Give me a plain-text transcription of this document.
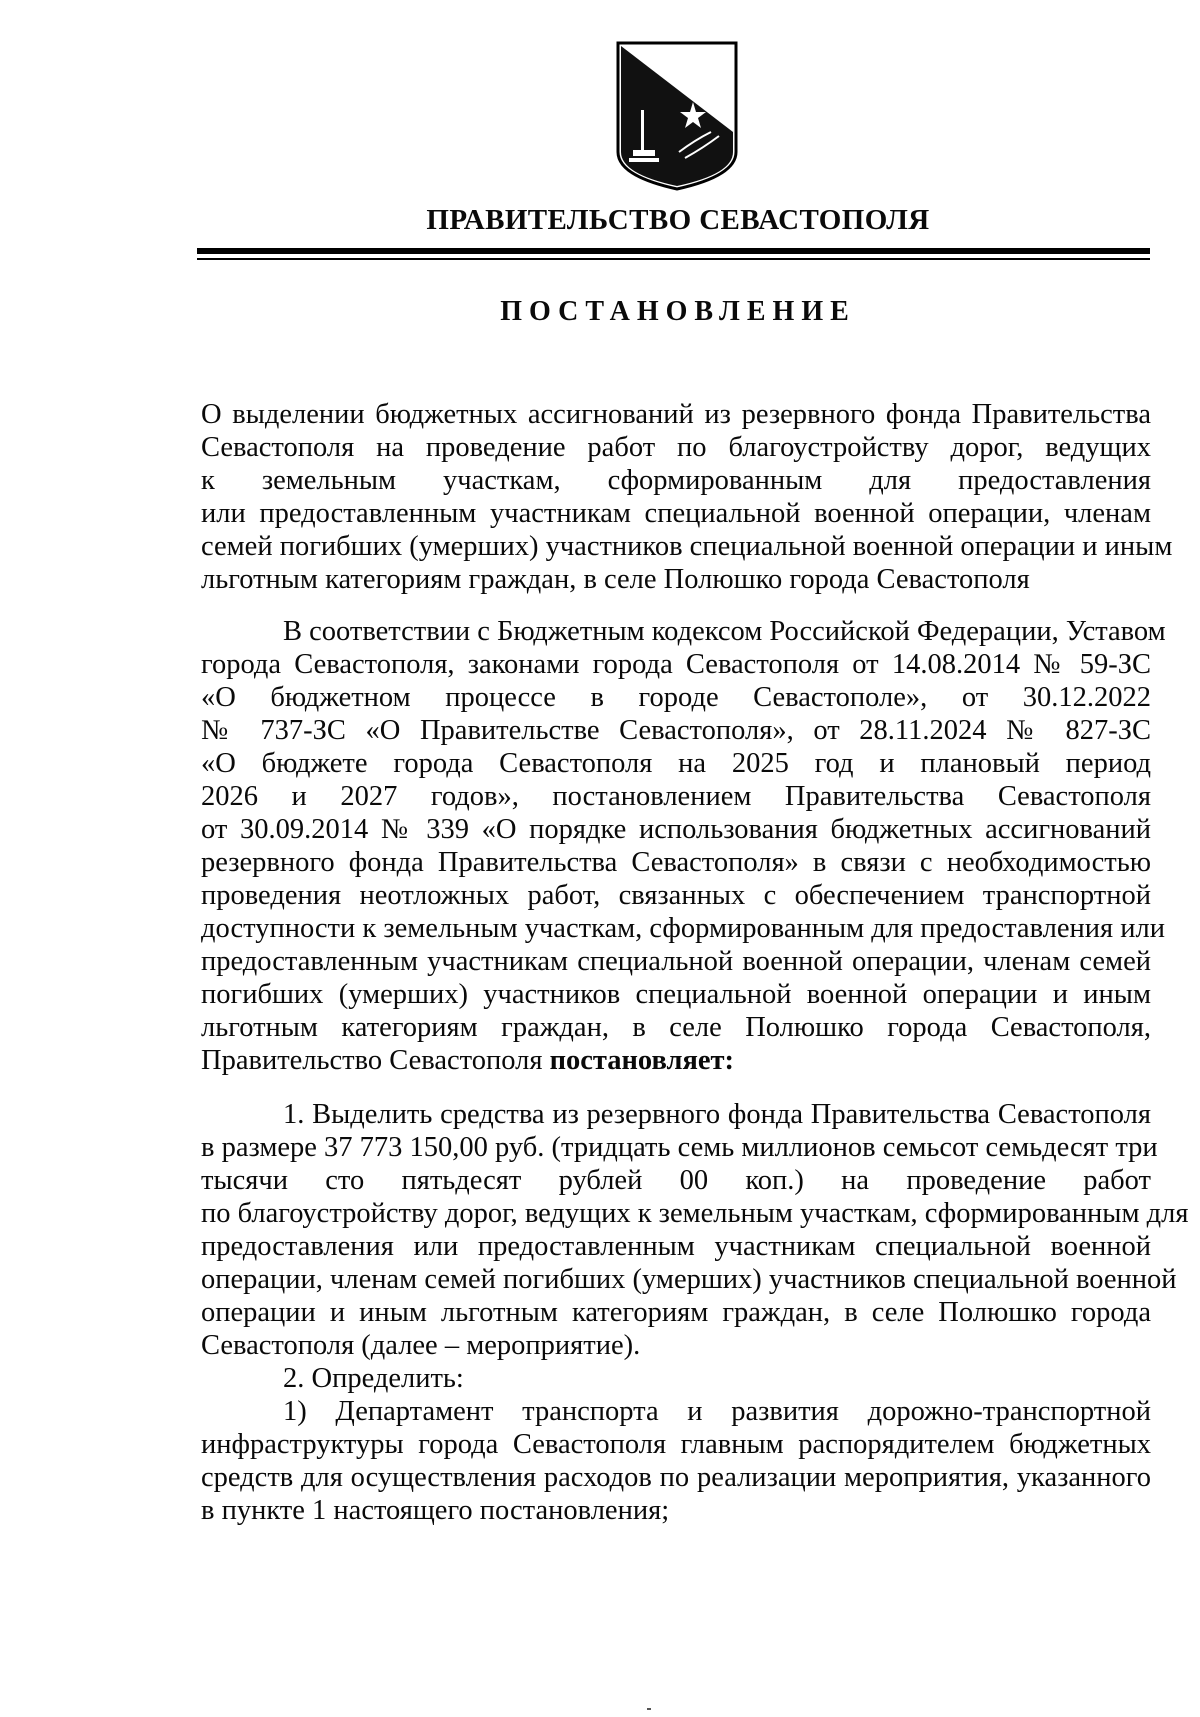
ПРАВИТЕЛЬСТВО СЕВАСТОПОЛЯ
ПОСТАНОВЛЕНИЕ

О выделении бюджетных ассигнований из резервного фонда Правительства

Севастополя на проведение работ по благоустройству дорог, ведущих

к земельным участкам, сформированным для предоставления

или предоставленным участникам специальной военной операции, членам

семей погибших (умерших) участников специальной военной операции и иным

льготным категориям граждан, в селе Полюшко города Севастополя

В соответствии с Бюджетным кодексом Российской Федерации, Уставом

города Севастополя, законами города Севастополя от 14.08.2014 № 59-ЗС

«О бюджетном процессе в городе Севастополе», от 30.12.2022

№ 737-ЗС «О Правительстве Севастополя», от 28.11.2024 № 827-ЗС

«О бюджете города Севастополя на 2025 год и плановый период

2026 и 2027 годов», постановлением Правительства Севастополя

от 30.09.2014 № 339 «О порядке использования бюджетных ассигнований

резервного фонда Правительства Севастополя» в связи с необходимостью

проведения неотложных работ, связанных с обеспечением транспортной

доступности к земельным участкам, сформированным для предоставления или

предоставленным участникам специальной военной операции, членам семей

погибших (умерших) участников специальной военной операции и иным

льготным категориям граждан, в селе Полюшко города Севастополя,

Правительство Севастополя постановляет:

1. Выделить средства из резервного фонда Правительства Севастополя

в размере 37 773 150,00 руб. (тридцать семь миллионов семьсот семьдесят три

тысячи сто пятьдесят рублей 00 коп.) на проведение работ

по благоустройству дорог, ведущих к земельным участкам, сформированным для

предоставления или предоставленным участникам специальной военной

операции, членам семей погибших (умерших) участников специальной военной

операции и иным льготным категориям граждан, в селе Полюшко города

Севастополя (далее – мероприятие).

2. Определить:

1) Департамент транспорта и развития дорожно-транспортной

инфраструктуры города Севастополя главным распорядителем бюджетных

средств для осуществления расходов по реализации мероприятия, указанного

в пункте 1 настоящего постановления;
